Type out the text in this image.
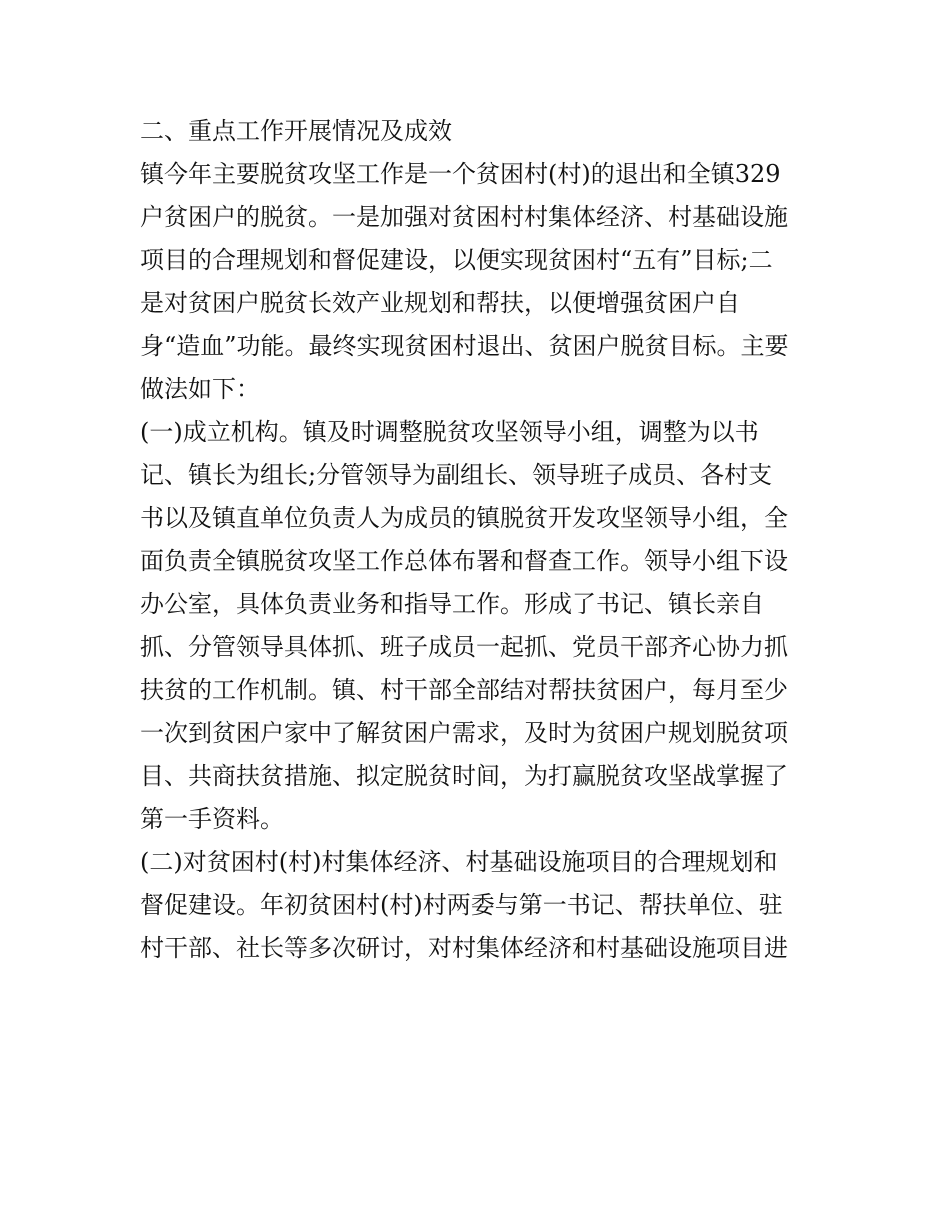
二、重点工作开展情况及成效
镇今年主要脱贫攻坚工作是一个贫困村(村)的退出和全镇329
户贫困户的脱贫。一是加强对贫困村村集体经济、村基础设施
项目的合理规划和督促建设，以便实现贫困村“五有”目标;二
是对贫困户脱贫长效产业规划和帮扶，以便增强贫困户自
身“造血”功能。最终实现贫困村退出、贫困户脱贫目标。主要
做法如下：
(一)成立机构。镇及时调整脱贫攻坚领导小组，调整为以书
记、镇长为组长;分管领导为副组长、领导班子成员、各村支
书以及镇直单位负责人为成员的镇脱贫开发攻坚领导小组，全
面负责全镇脱贫攻坚工作总体布署和督查工作。领导小组下设
办公室，具体负责业务和指导工作。形成了书记、镇长亲自
抓、分管领导具体抓、班子成员一起抓、党员干部齐心协力抓
扶贫的工作机制。镇、村干部全部结对帮扶贫困户，每月至少
一次到贫困户家中了解贫困户需求，及时为贫困户规划脱贫项
目、共商扶贫措施、拟定脱贫时间，为打赢脱贫攻坚战掌握了
第一手资料。
(二)对贫困村(村)村集体经济、村基础设施项目的合理规划和
督促建设。年初贫困村(村)村两委与第一书记、帮扶单位、驻
村干部、社长等多次研讨，对村集体经济和村基础设施项目进
